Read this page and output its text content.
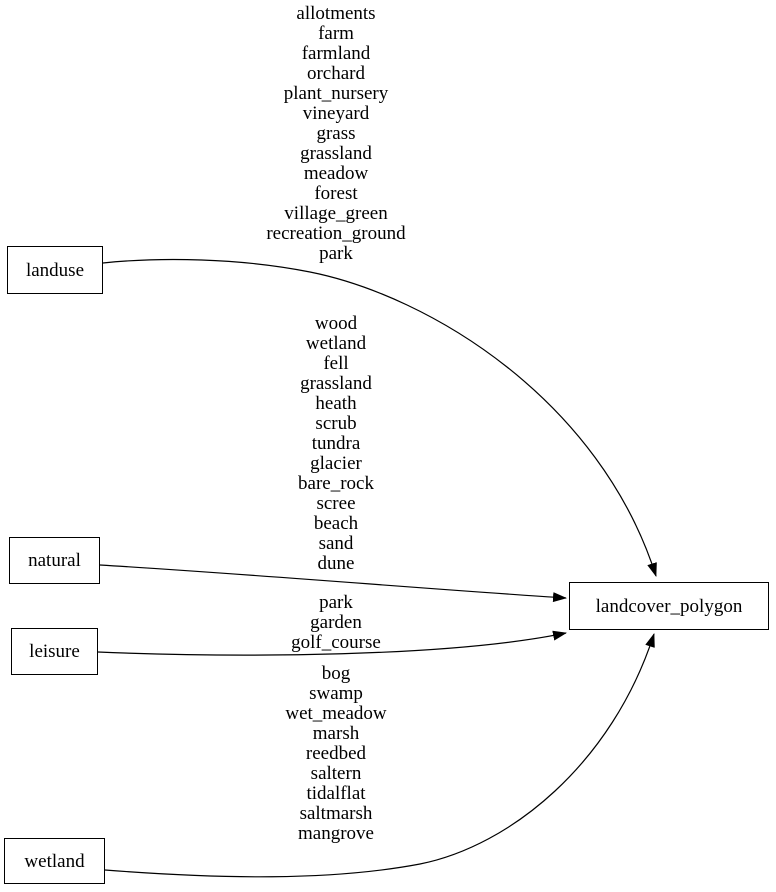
allotments
farm
farmland
orchard
plant_nursery
vineyard
grass
grassland
meadow
forest
village_green
recreation_ground
park
wood
wetland
fell
grassland
heath
scrub
tundra
glacier
bare_rock
scree
beach
sand
dune
park
garden
golf_course
bog
swamp
wet_meadow
marsh
reedbed
saltern
tidalflat
saltmarsh
mangrove
landuse
natural
leisure
wetland
landcover_polygon
